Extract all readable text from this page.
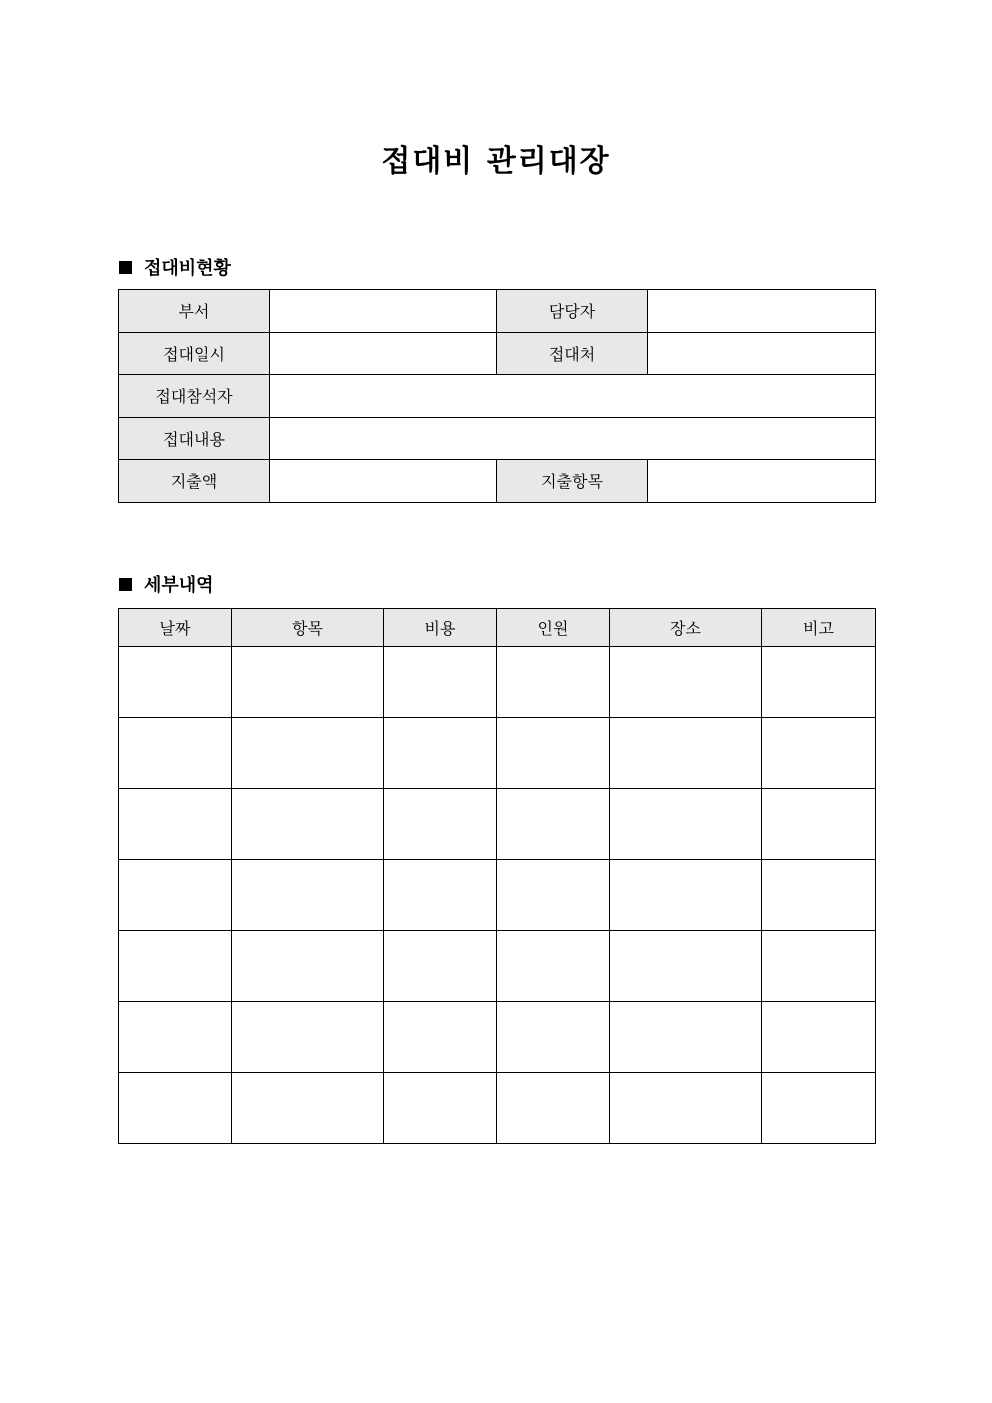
접대비 관리대장
접대비현황
부서		담당자	
접대일시		접대처	
접대참석자			
접대내용			
지출액		지출항목	
세부내역
날짜	항목	비용	인원	장소	비고
